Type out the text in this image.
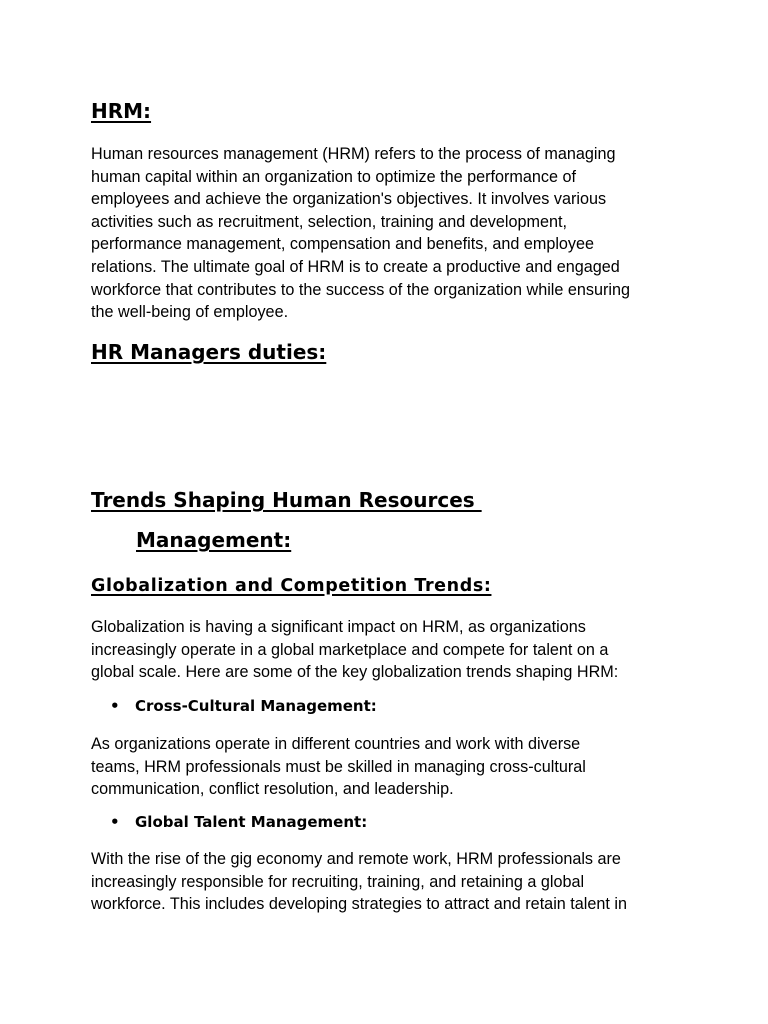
HRM:

Human resources management (HRM) refers to the process of managing
human capital within an organization to optimize the performance of
employees and achieve the organization's objectives. It involves various
activities such as recruitment, selection, training and development,
performance management, compensation and benefits, and employee
relations. The ultimate goal of HRM is to create a productive and engaged
workforce that contributes to the success of the organization while ensuring
the well-being of employee.

HR Managers duties:
Trends Shaping Human Resources
Management:
Globalization and Competition Trends:

Globalization is having a significant impact on HRM, as organizations
increasingly operate in a global marketplace and compete for talent on a
global scale. Here are some of the key globalization trends shaping HRM:

• Cross-Cultural Management:

As organizations operate in different countries and work with diverse
teams, HRM professionals must be skilled in managing cross-cultural
communication, conflict resolution, and leadership.

• Global Talent Management:

With the rise of the gig economy and remote work, HRM professionals are
increasingly responsible for recruiting, training, and retaining a global
workforce. This includes developing strategies to attract and retain talent in
